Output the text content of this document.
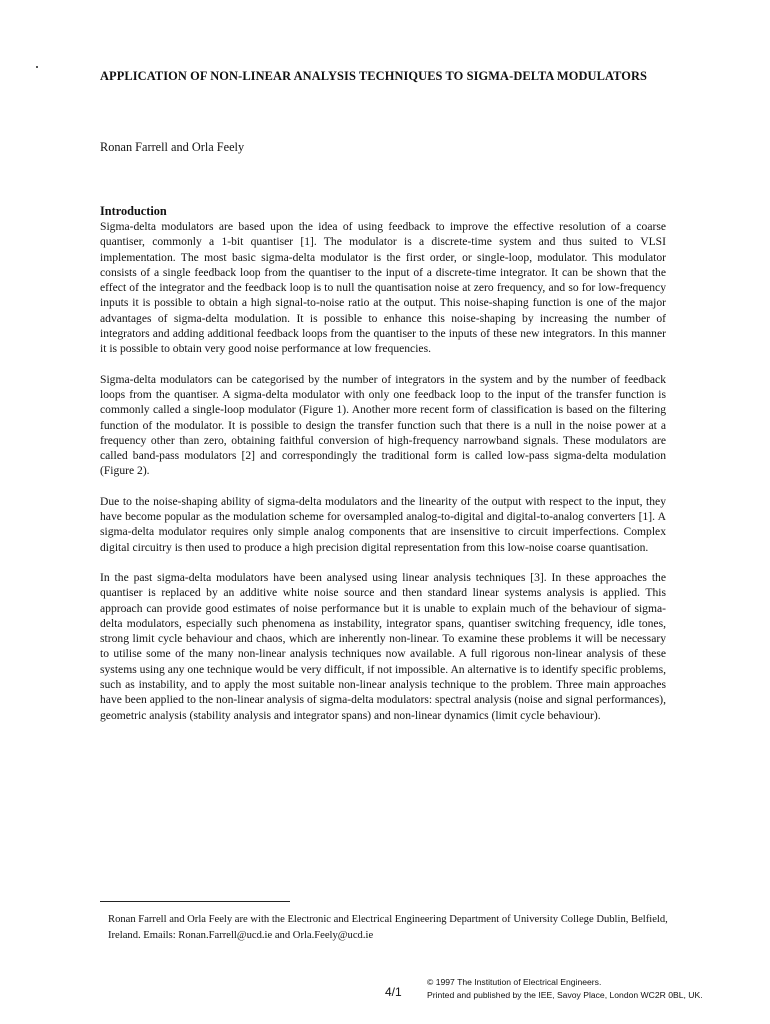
APPLICATION OF NON-LINEAR ANALYSIS TECHNIQUES TO SIGMA-DELTA MODULATORS

Ronan Farrell and Orla Feely

Introduction

Sigma-delta modulators are based upon the idea of using feedback to improve the effective resolution of a coarse quantiser, commonly a 1-bit quantiser [1]. The modulator is a discrete-time system and thus suited to VLSI implementation. The most basic sigma-delta modulator is the first order, or single-loop, modulator. This modulator consists of a single feedback loop from the quantiser to the input of a discrete-time integrator. It can be shown that the effect of the integrator and the feedback loop is to null the quantisation noise at zero frequency, and so for low-frequency inputs it is possible to obtain a high signal-to-noise ratio at the output. This noise-shaping function is one of the major advantages of sigma-delta modulation. It is possible to enhance this noise-shaping by increasing the number of integrators and adding additional feedback loops from the quantiser to the inputs of these new integrators. In this manner it is possible to obtain very good noise performance at low frequencies.

Sigma-delta modulators can be categorised by the number of integrators in the system and by the number of feedback loops from the quantiser. A sigma-delta modulator with only one feedback loop to the input of the transfer function is commonly called a single-loop modulator (Figure 1). Another more recent form of classification is based on the filtering function of the modulator. It is possible to design the transfer function such that there is a null in the noise power at a frequency other than zero, obtaining faithful conversion of high-frequency narrowband signals. These modulators are called band-pass modulators [2] and correspondingly the traditional form is called low-pass sigma-delta modulation (Figure 2).

Due to the noise-shaping ability of sigma-delta modulators and the linearity of the output with respect to the input, they have become popular as the modulation scheme for oversampled analog-to-digital and digital-to-analog converters [1]. A sigma-delta modulator requires only simple analog components that are insensitive to circuit imperfections. Complex digital circuitry is then used to produce a high precision digital representation from this low-noise coarse quantisation.

In the past sigma-delta modulators have been analysed using linear analysis techniques [3]. In these approaches the quantiser is replaced by an additive white noise source and then standard linear systems analysis is applied. This approach can provide good estimates of noise performance but it is unable to explain much of the behaviour of sigma-delta modulators, especially such phenomena as instability, integrator spans, quantiser switching frequency, idle tones, strong limit cycle behaviour and chaos, which are inherently non-linear. To examine these problems it will be necessary to utilise some of the many non-linear analysis techniques now available. A full rigorous non-linear analysis of these systems using any one technique would be very difficult, if not impossible. An alternative is to identify specific problems, such as instability, and to apply the most suitable non-linear analysis technique to the problem. Three main approaches have been applied to the non-linear analysis of sigma-delta modulators: spectral analysis (noise and signal performances), geometric analysis (stability analysis and integrator spans) and non-linear dynamics (limit cycle behaviour).

Ronan Farrell and Orla Feely are with the Electronic and Electrical Engineering Department of University College Dublin, Belfield, Ireland. Emails: Ronan.Farrell@ucd.ie and Orla.Feely@ucd.ie

4/1
© 1997 The Institution of Electrical Engineers.
Printed and published by the IEE, Savoy Place, London WC2R 0BL, UK.
